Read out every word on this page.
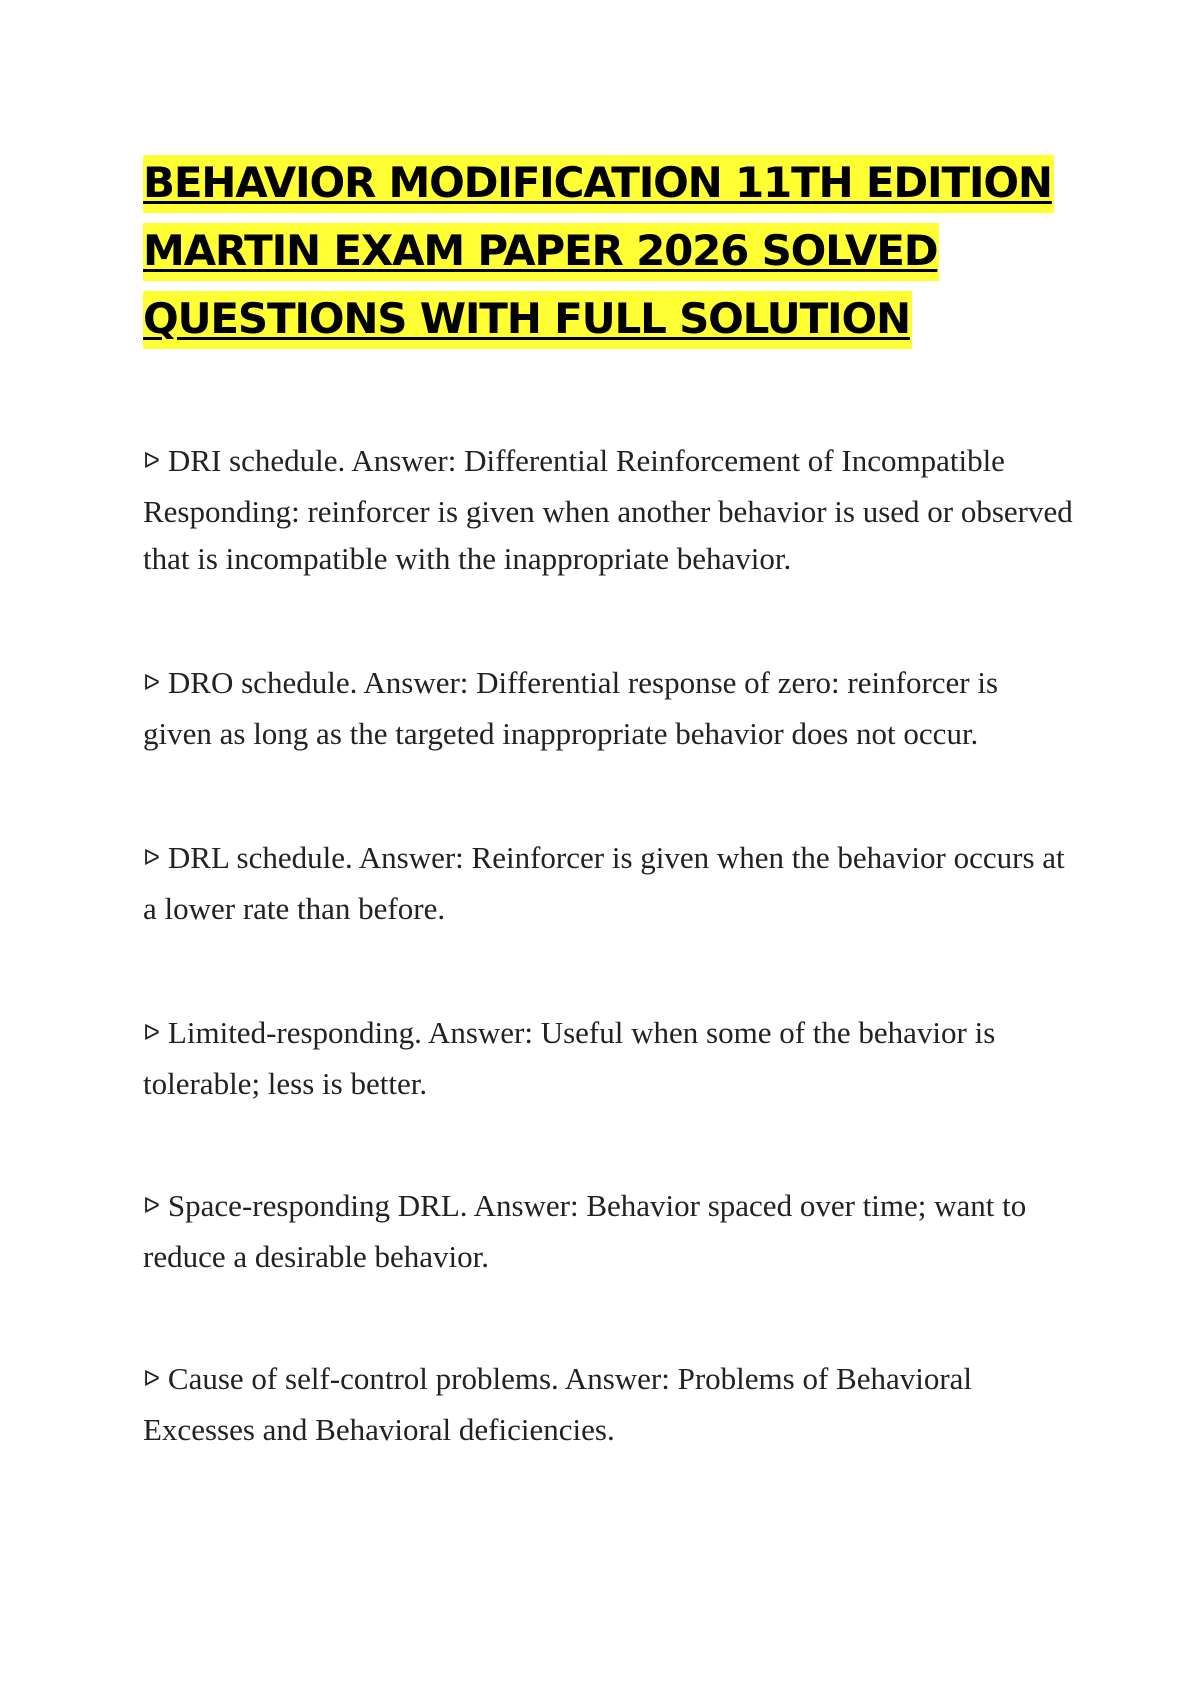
BEHAVIOR MODIFICATION 11TH EDITION
MARTIN EXAM PAPER 2026 SOLVED
QUESTIONS WITH FULL SOLUTION
ᐅ DRI schedule. Answer: Differential Reinforcement of Incompatible Responding: reinforcer is given when another behavior is used or observed that is incompatible with the inappropriate behavior.
ᐅ DRO schedule. Answer: Differential response of zero: reinforcer is given as long as the targeted inappropriate behavior does not occur.
ᐅ DRL schedule. Answer: Reinforcer is given when the behavior occurs at a lower rate than before.
ᐅ Limited-responding. Answer: Useful when some of the behavior is tolerable; less is better.
ᐅ Space-responding DRL. Answer: Behavior spaced over time; want to reduce a desirable behavior.
ᐅ Cause of self-control problems. Answer: Problems of Behavioral Excesses and Behavioral deficiencies.
